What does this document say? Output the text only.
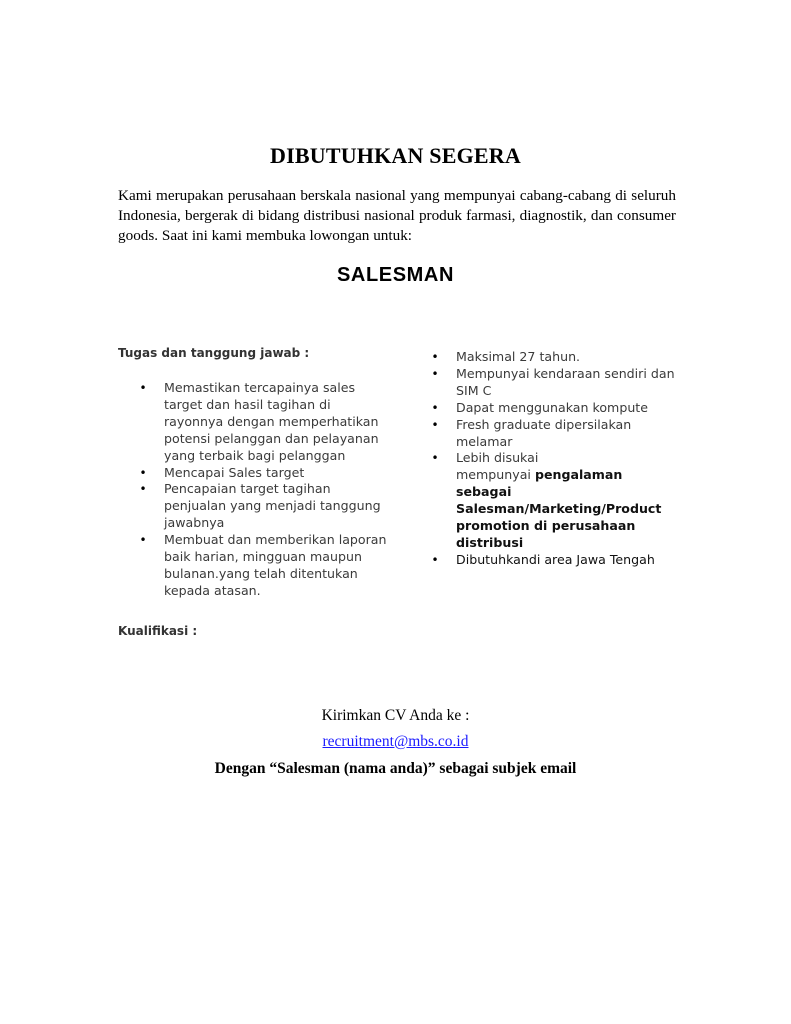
DIBUTUHKAN SEGERA

Kami merupakan perusahaan berskala nasional yang mempunyai cabang-cabang di seluruh Indonesia, bergerak di bidang distribusi nasional produk farmasi, diagnostik, dan consumer goods. Saat ini kami membuka lowongan untuk:

SALESMAN

Tugas dan tanggung jawab :

• Memastikan tercapainya sales target dan hasil tagihan di rayonnya dengan memperhatikan potensi pelanggan dan pelayanan yang terbaik bagi pelanggan
• Mencapai Sales target
• Pencapaian target tagihan penjualan yang menjadi tanggung jawabnya
• Membuat dan memberikan laporan baik harian, mingguan maupun bulanan.yang telah ditentukan kepada atasan.
• Maksimal 27 tahun.
• Mempunyai kendaraan sendiri dan SIM C
• Dapat menggunakan kompute
• Fresh graduate dipersilakan melamar
• Lebih disukai
mempunyai pengalaman sebagai Salesman/Marketing/Product promotion di perusahaan distribusi
• Dibutuhkandi area Jawa Tengah

Kualifikasi :

Kirimkan CV Anda ke :

recruitment@mbs.co.id

Dengan “Salesman (nama anda)” sebagai subjek email
